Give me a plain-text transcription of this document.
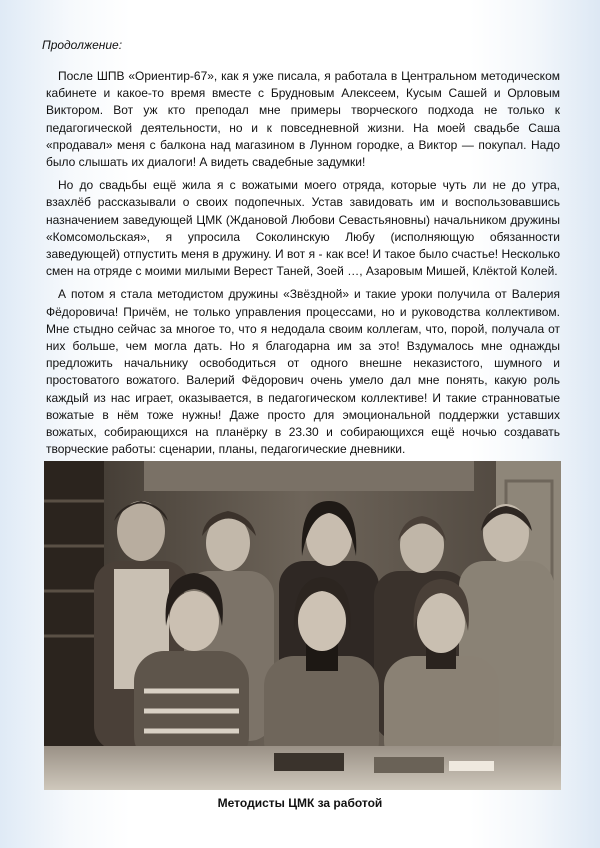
Продолжение:

После ШПВ «Ориентир-67», как я уже писала, я работала в Центральном методическом кабинете и какое-то время вместе с Брудновым Алексеем, Кусым Сашей и Орловым Виктором. Вот уж кто преподал мне примеры творческого подхода не только к педагогической деятельности, но и к повседневной жизни. На моей свадьбе Саша «продавал» меня с балкона над магазином в Лунном городке, а Виктор — покупал. Надо было слышать их диалоги! А видеть свадебные задумки!

Но до свадьбы ещё жила я с вожатыми моего отряда, которые чуть ли не до утра, взахлёб рассказывали о своих подопечных. Устав завидовать им и воспользовавшись назначением заведующей ЦМК (Ждановой Любови Севастьяновны) начальником дружины «Комсомольская», я упросила Соколинскую Любу (исполняющую обязанности заведующей) отпустить меня в дружину. И вот я - как все! И такое было счастье! Несколько смен на отряде с моими милыми Верест Таней, Зоей …, Азаровым Мишей, Клёктой Колей.

А потом я стала методистом дружины «Звёздной» и такие уроки получила от Валерия Фёдоровича! Причём, не только управления процессами, но и руководства коллективом. Мне стыдно сейчас за многое то, что я недодала своим коллегам, что, порой, получала от них больше, чем могла дать. Но я благодарна им за это! Вздумалось мне однажды предложить начальнику освободиться от одного внешне неказистого, шумного и простоватого вожатого. Валерий Фёдорович очень умело дал мне понять, какую роль каждый из нас играет, оказывается, в педагогическом коллективе! И такие странноватые вожатые в нём тоже нужны! Даже просто для эмоциональной поддержки уставших вожатых, собирающихся на планёрку в 23.30 и собирающихся ещё ночью создавать творческие работы: сценарии, планы, педагогические дневники.

Методисты ЦМК за работой
